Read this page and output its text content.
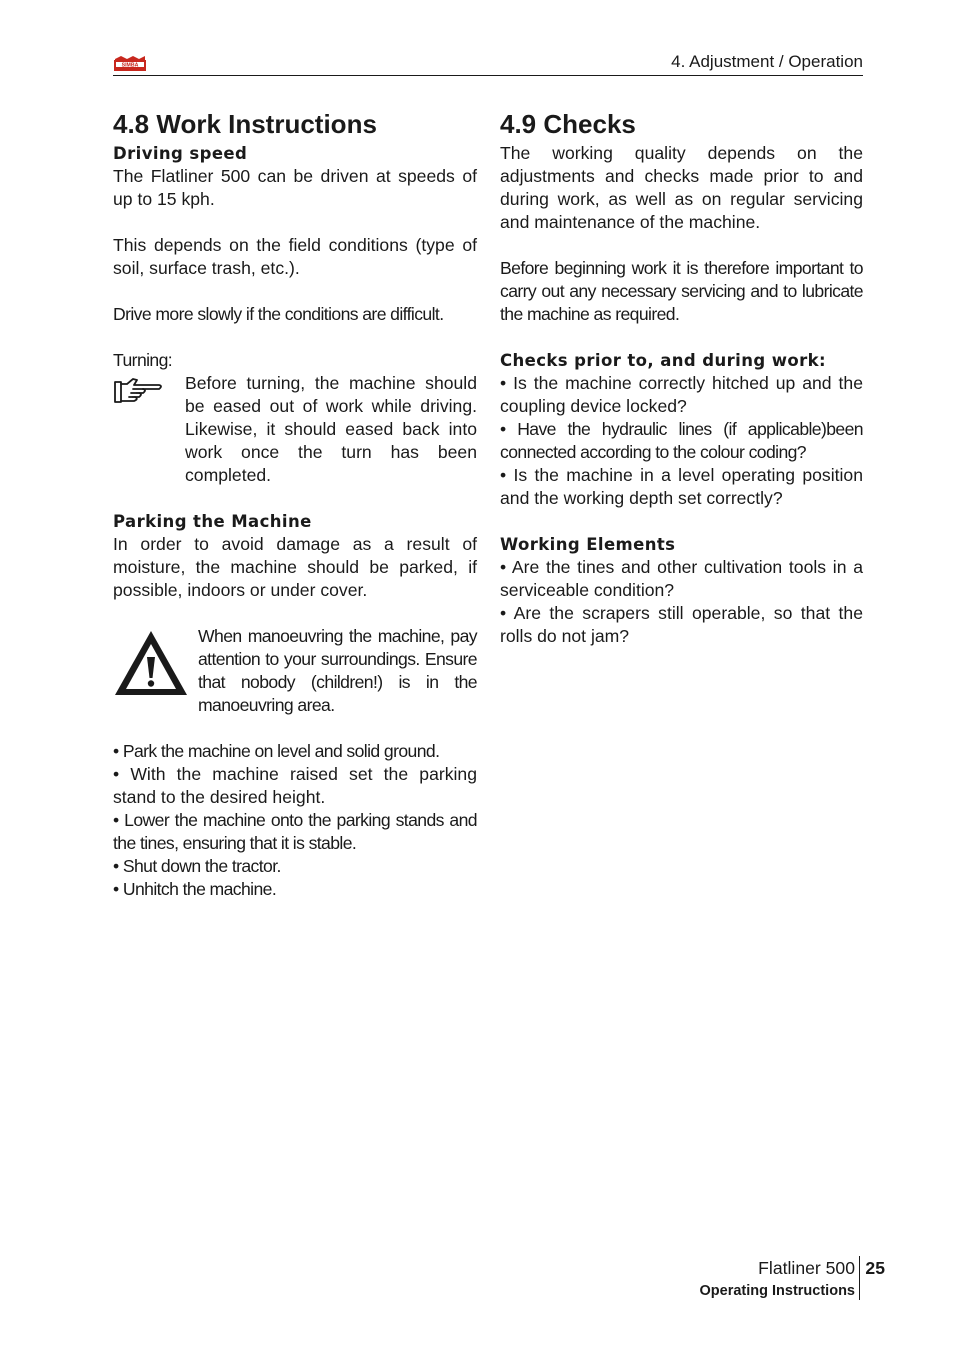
SIMBA	4. Adjustment / Operation
4.8 Work Instructions
Driving speed

The Flatliner 500 can be driven at speeds of up to 15 kph.

This depends on the field conditions (type of soil, surface trash, etc.).

Drive more slowly if the conditions are difficult.

Turning:

Before turning, the machine should be eased out of work while driving. Likewise, it should eased back into work once the turn has been completed.

Parking the Machine

In order to avoid damage as a result of moisture, the machine should be parked, if possible, indoors or under cover.

When manoeuvring the machine, pay attention to your surroundings. Ensure that nobody (children!) is in the manoeuvring area.

• Park the machine on level and solid ground.

• With the machine raised set the parking stand to the desired height.

• Lower the machine onto the parking stands and the tines, ensuring that it is stable.

• Shut down the tractor.

• Unhitch the machine.

4.9 Checks

The working quality depends on the adjustments and checks made prior to and during work, as well as on regular servicing and maintenance of the machine.

Before beginning work it is therefore important to carry out any necessary servicing and to lubricate the machine as required.

Checks prior to, and during work:

• Is the machine correctly hitched up and the coupling device locked?

• Have the hydraulic lines (if applicable)been connected according to the colour coding?

• Is the machine in a level operating position and the working depth set correctly?

Working Elements

• Are the tines and other cultivation tools in a serviceable condition?

• Are the scrapers still operable, so that the rolls do not jam?

Flatliner 500 25
Operating Instructions
